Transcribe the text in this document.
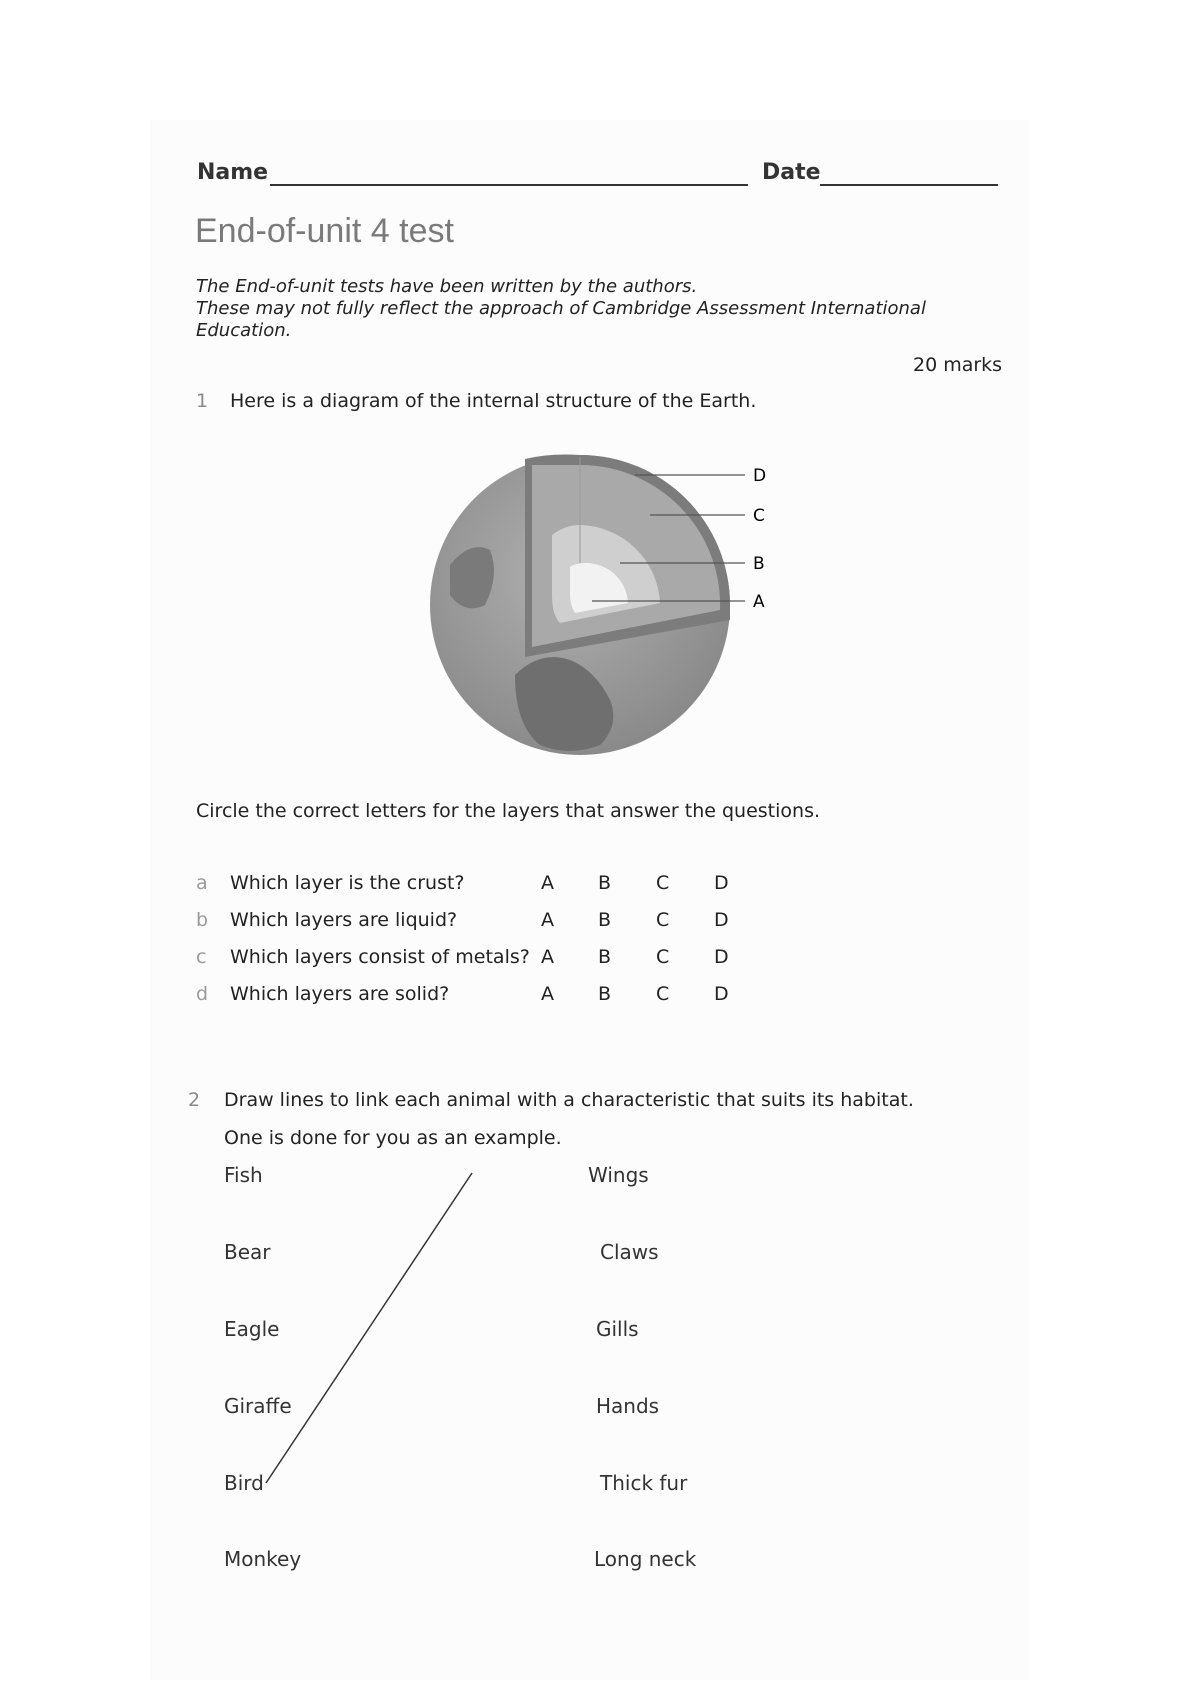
Name	Date
End-of-unit 4 test
The End-of-unit tests have been written by the authors.
These may not fully reflect the approach of Cambridge Assessment International
Education.
20 marks
1 Here is a diagram of the internal structure of the Earth.
D
C
B
A
Circle the correct letters for the layers that answer the questions.
a Which layer is the crust?	A B C D
b Which layers are liquid?	A B C D
c Which layers consist of metals? A B C D
d Which layers are solid?	A B C D
2 Draw lines to link each animal with a characteristic that suits its habitat.
One is done for you as an example.
Fish
Bear
Eagle
Giraffe
Bird
Monkey
Wings
Claws
Gills
Hands
Thick fur
Long neck
